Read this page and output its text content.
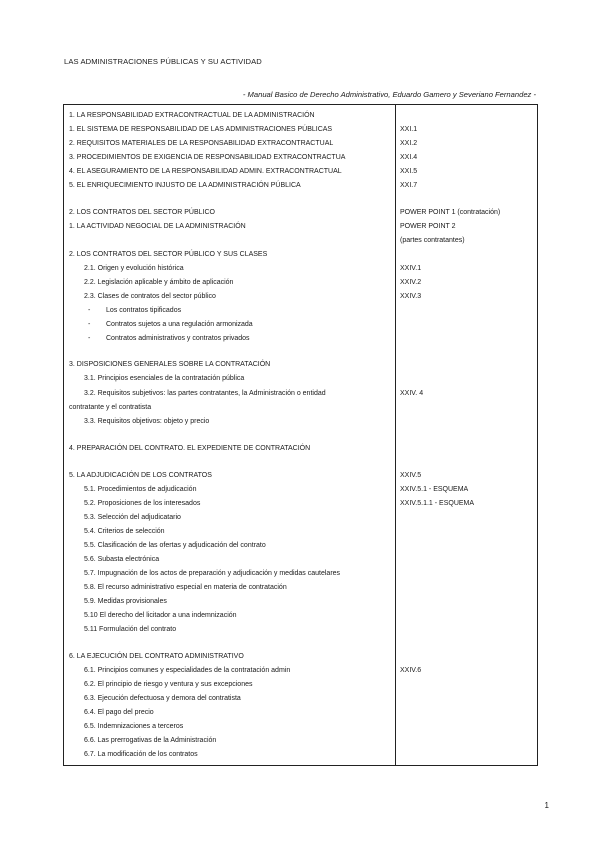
LAS ADMINISTRACIONES PÚBLICAS Y SU ACTIVIDAD
- Manual Basico de Derecho Administrativo, Eduardo Gamero y Severiano Fernandez -
1. LA RESPONSABILIDAD EXTRACONTRACTUAL DE LA ADMINISTRACIÓN
1. EL SISTEMA DE RESPONSABILIDAD DE LAS ADMINISTRACIONES PÚBLICAS	XXI.1
2. REQUISITOS MATERIALES DE LA RESPONSABILIDAD EXTRACONTRACTUAL	XXI.2
3. PROCEDIMIENTOS DE EXIGENCIA DE RESPONSABILIDAD EXTRACONTRACTUA	XXI.4
4. EL ASEGURAMIENTO DE LA RESPONSABILIDAD ADMIN. EXTRACONTRACTUAL	XXI.5
5. EL ENRIQUECIMIENTO INJUSTO DE LA ADMINISTRACIÓN PÚBLICA	XXI.7
2. LOS CONTRATOS DEL SECTOR PÚBLICO	POWER POINT 1 (contratación)
1. LA ACTIVIDAD NEGOCIAL DE LA ADMINISTRACIÓN	POWER POINT 2
(partes contratantes)
2. LOS CONTRATOS DEL SECTOR PÚBLICO Y SUS CLASES
2.1. Origen y evolución histórica	XXIV.1
2.2. Legislación aplicable y ámbito de aplicación	XXIV.2
2.3. Clases de contratos del sector público	XXIV.3
- Los contratos tipificados
- Contratos sujetos a una regulación armonizada
- Contratos administrativos y contratos privados
3. DISPOSICIONES GENERALES SOBRE LA CONTRATACIÓN
3.1. Principios esenciales de la contratación pública
3.2. Requisitos subjetivos: las partes contratantes, la Administración o entidad	XXIV. 4
contratante y el contratista
3.3. Requisitos objetivos: objeto y precio
4. PREPARACIÓN DEL CONTRATO. EL EXPEDIENTE DE CONTRATACIÓN
5. LA ADJUDICACIÓN DE LOS CONTRATOS	XXIV.5
5.1. Procedimientos de adjudicación	XXIV.5.1 - ESQUEMA
5.2. Proposiciones de los interesados	XXIV.5.1.1 - ESQUEMA
5.3. Selección del adjudicatario
5.4. Criterios de selección
5.5. Clasificación de las ofertas y adjudicación del contrato
5.6. Subasta electrónica
5.7. Impugnación de los actos de preparación y adjudicación y medidas cautelares
5.8. El recurso administrativo especial en materia de contratación
5.9. Medidas provisionales
5.10 El derecho del licitador a una indemnización
5.11 Formulación del contrato
6. LA EJECUCIÓN DEL CONTRATO ADMINISTRATIVO
6.1. Principios comunes y especialidades de la contratación admin	XXIV.6
6.2. El principio de riesgo y ventura y sus excepciones
6.3. Ejecución defectuosa y demora del contratista
6.4. El pago del precio
6.5. Indemnizaciones a terceros
6.6. Las prerrogativas de la Administración
6.7. La modificación de los contratos
1
